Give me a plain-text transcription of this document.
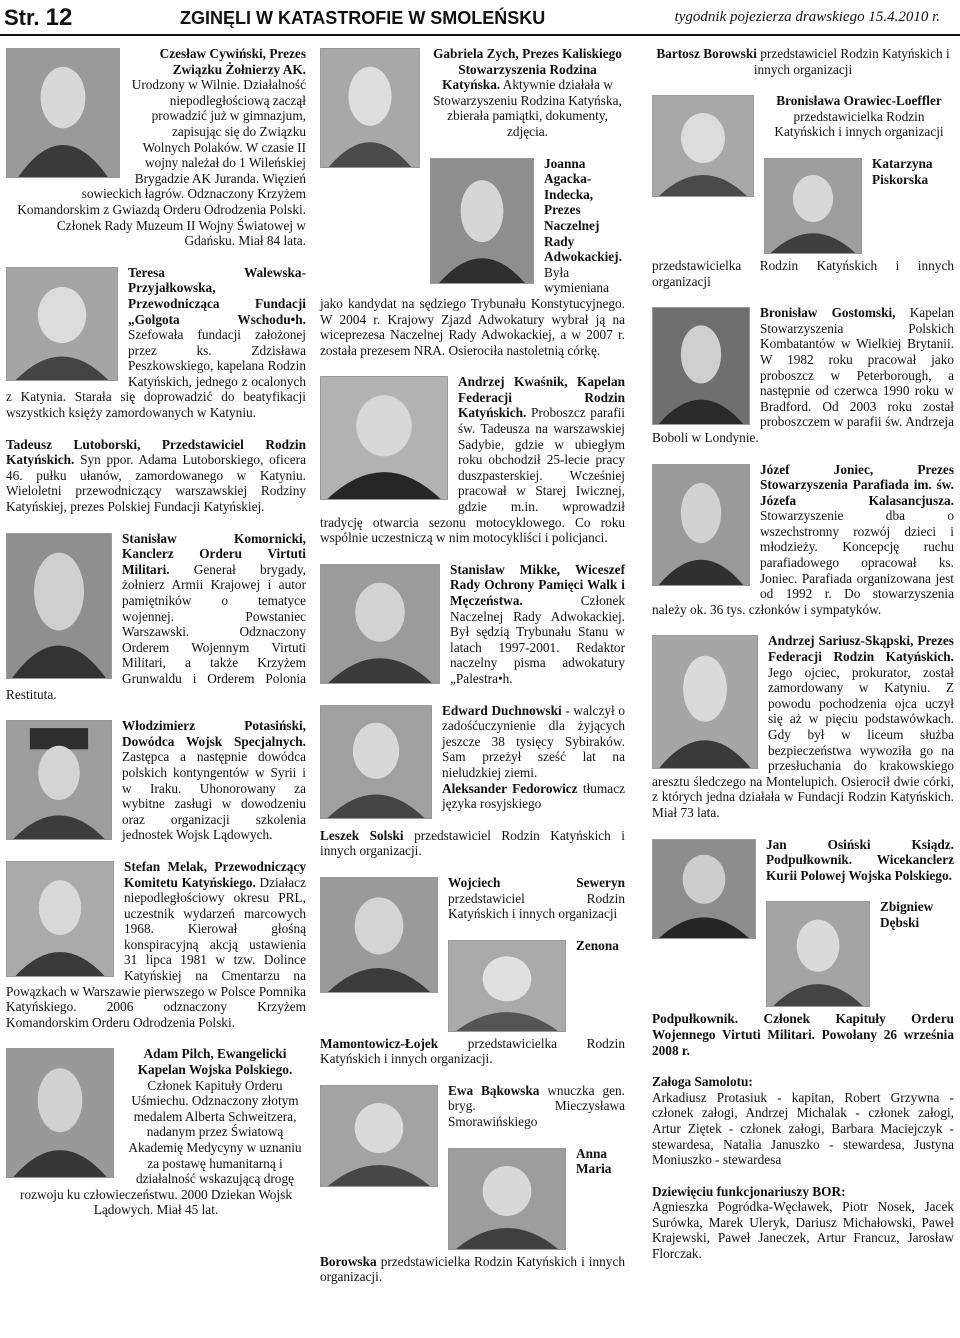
Str. 12	ZGINĘLI W KATASTROFIE W SMOLEŃSKU	tygodnik pojezierza drawskiego 15.4.2010 r.

Czesław Cywiński, Prezes Związku Żołnierzy AK. Urodzony w Wilnie. Działalność niepodległościową zaczął prowadzić już w gimnazjum, zapisując się do Związku Wolnych Polaków. W czasie II wojny należał do 1 Wileńskiej Brygadzie AK Juranda. Więzień sowieckich łagrów. Odznaczony Krzyżem Komandorskim z Gwiazdą Orderu Odrodzenia Polski. Członek Rady Muzeum II Wojny Światowej w Gdańsku. Miał 84 lata.

Teresa Walewska-Przyjałkowska, Przewodnicząca Fundacji „Golgota Wschodu•h. Szefowała fundacji założonej przez ks. Zdzisława Peszkowskiego, kapelana Rodzin Katyńskich, jednego z ocalonych z Katynia. Starała się doprowadzić do beatyfikacji wszystkich księży zamordowanych w Katyniu.

Tadeusz Lutoborski, Przedstawiciel Rodzin Katyńskich. Syn ppor. Adama Lutoborskiego, oficera 46. pułku ułanów, zamordowanego w Katyniu. Wieloletni przewodniczący warszawskiej Rodziny Katyńskiej, prezes Polskiej Fundacji Katyńskiej.

Stanisław Komornicki, Kanclerz Orderu Virtuti Militari. Generał brygady, żołnierz Armii Krajowej i autor pamiętników o tematyce wojennej. Powstaniec Warszawski. Odznaczony Orderem Wojennym Virtuti Militari, a także Krzyżem Grunwaldu i Orderem Polonia Restituta.

Włodzimierz Potasiński, Dowódca Wojsk Specjalnych. Zastępca a następnie dowódca polskich kontyngentów w Syrii i w Iraku. Uhonorowany za wybitne zasługi w dowodzeniu oraz organizacji szkolenia jednostek Wojsk Lądowych.

Stefan Melak, Przewodniczący Komitetu Katyńskiego. Działacz niepodległościowy okresu PRL, uczestnik wydarzeń marcowych 1968. Kierował głośną konspiracyjną akcją ustawienia 31 lipca 1981 w tzw. Dolince Katyńskiej na Cmentarzu na Powązkach w Warszawie pierwszego w Polsce Pomnika Katyńskiego. 2006 odznaczony Krzyżem Komandorskim Orderu Odrodzenia Polski.

Adam Pilch, Ewangelicki Kapelan Wojska Polskiego. Członek Kapituły Orderu Uśmiechu. Odznaczony złotym medalem Alberta Schweitzera, nadanym przez Światową Akademię Medycyny w uznaniu za postawę humanitarną i działalność wskazującą drogę rozwoju ku człowieczeństwu. 2000 Dziekan Wojsk Lądowych. Miał 45 lat.

Gabriela Zych, Prezes Kaliskiego Stowarzyszenia Rodzina Katyńska. Aktywnie działała w Stowarzyszeniu Rodzina Katyńska, zbierała pamiątki, dokumenty, zdjęcia.

Joanna Agacka-Indecka, Prezes Naczelnej Rady Adwokackiej. Była wymieniana jako kandydat na sędziego Trybunału Konstytucyjnego. W 2004 r. Krajowy Zjazd Adwokatury wybrał ją na wiceprezesa Naczelnej Rady Adwokackiej, a w 2007 r. została prezesem NRA. Osierociła nastoletnią córkę.

Andrzej Kwaśnik, Kapelan Federacji Rodzin Katyńskich. Proboszcz parafii św. Tadeusza na warszawskiej Sadybie, gdzie w ubiegłym roku obchodził 25-lecie pracy duszpasterskiej. Wcześniej pracował w Starej Iwicznej, gdzie m.in. wprowadził tradycję otwarcia sezonu motocyklowego. Co roku wspólnie uczestniczą w nim motocykliści i policjanci.

Stanisław Mikke, Wiceszef Rady Ochrony Pamięci Walk i Męczeństwa.	Członek Naczelnej Rady Adwokackiej. Był sędzią Trybunału Stanu w latach 1997-2001. Redaktor naczelny pisma adwokatury „Palestra•h.

Edward Duchnowski - walczył o zadośćuczynienie dla żyjących jeszcze 38 tysięcy Sybiraków. Sam przeżył sześć lat na nieludzkiej ziemi.

Aleksander Fedorowicz tłumacz języka rosyjskiego

Leszek Solski przedstawiciel Rodzin Katyńskich i innych organizacji.

Wojciech Seweryn przedstawiciel Rodzin Katyńskich i innych organizacji

Zenona Mamontowicz-Łojek przedstawicielka Rodzin Katyńskich i innych organizacji.

Ewa Bąkowska wnuczka gen. bryg. Mieczysława Smorawińskiego

Anna Maria Borowska przedstawicielka Rodzin Katyńskich i innych organizacji.

Bartosz Borowski przedstawiciel Rodzin Katyńskich i innych organizacji

Bronisława Orawiec-Loeffler przedstawicielka Rodzin Katyńskich i innych organizacji

Katarzyna Piskorska przedstawicielka Rodzin Katyńskich i innych organizacji

Bronisław Gostomski, Kapelan Stowarzyszenia Polskich Kombatantów w Wielkiej Brytanii. W 1982 roku pracował jako proboszcz w Peterborough, a następnie od czerwca 1990 roku w Bradford. Od 2003 roku został proboszczem w parafii św. Andrzeja Boboli w Londynie.

Józef Joniec, Prezes Stowarzyszenia Parafiada im. św. Józefa Kalasancjusza. Stowarzyszenie dba o wszechstronny rozwój dzieci i młodzieży. Koncepcję ruchu parafiadowego opracował ks. Joniec. Parafiada organizowana jest od 1992 r. Do stowarzyszenia należy ok. 36 tys. członków i sympatyków.

Andrzej Sariusz-Skąpski, Prezes Federacji Rodzin Katyńskich. Jego ojciec, prokurator, został zamordowany w Katyniu. Z powodu pochodzenia ojca uczył się aż w pięciu podstawówkach. Gdy był w liceum służba bezpieczeństwa wywoziła go na przesłuchania do krakowskiego aresztu śledczego na Montelupich. Osierocił dwie córki, z których jedna działała w Fundacji Rodzin Katyńskich. Miał 73 lata.

Jan Osiński Ksiądz. Podpułkownik. Wicekanclerz Kurii Polowej Wojska Polskiego.

Zbigniew Dębski Podpułkownik. Członek Kapituły Orderu Wojennego Virtuti Militari. Powołany 26 września 2008 r.

Załoga Samolotu:
Arkadiusz Protasiuk - kapitan, Robert Grzywna - członek załogi, Andrzej Michalak - członek załogi, Artur Ziętek - członek załogi, Barbara Maciejczyk - stewardesa, Natalia Januszko - stewardesa, Justyna Moniuszko - stewardesa

Dziewięciu funkcjonariuszy BOR:
Agnieszka Pogródka-Węcławek, Piotr Nosek, Jacek Surówka, Marek Uleryk, Dariusz Michałowski, Paweł Krajewski, Paweł Janeczek, Artur Francuz, Jarosław Florczak.
